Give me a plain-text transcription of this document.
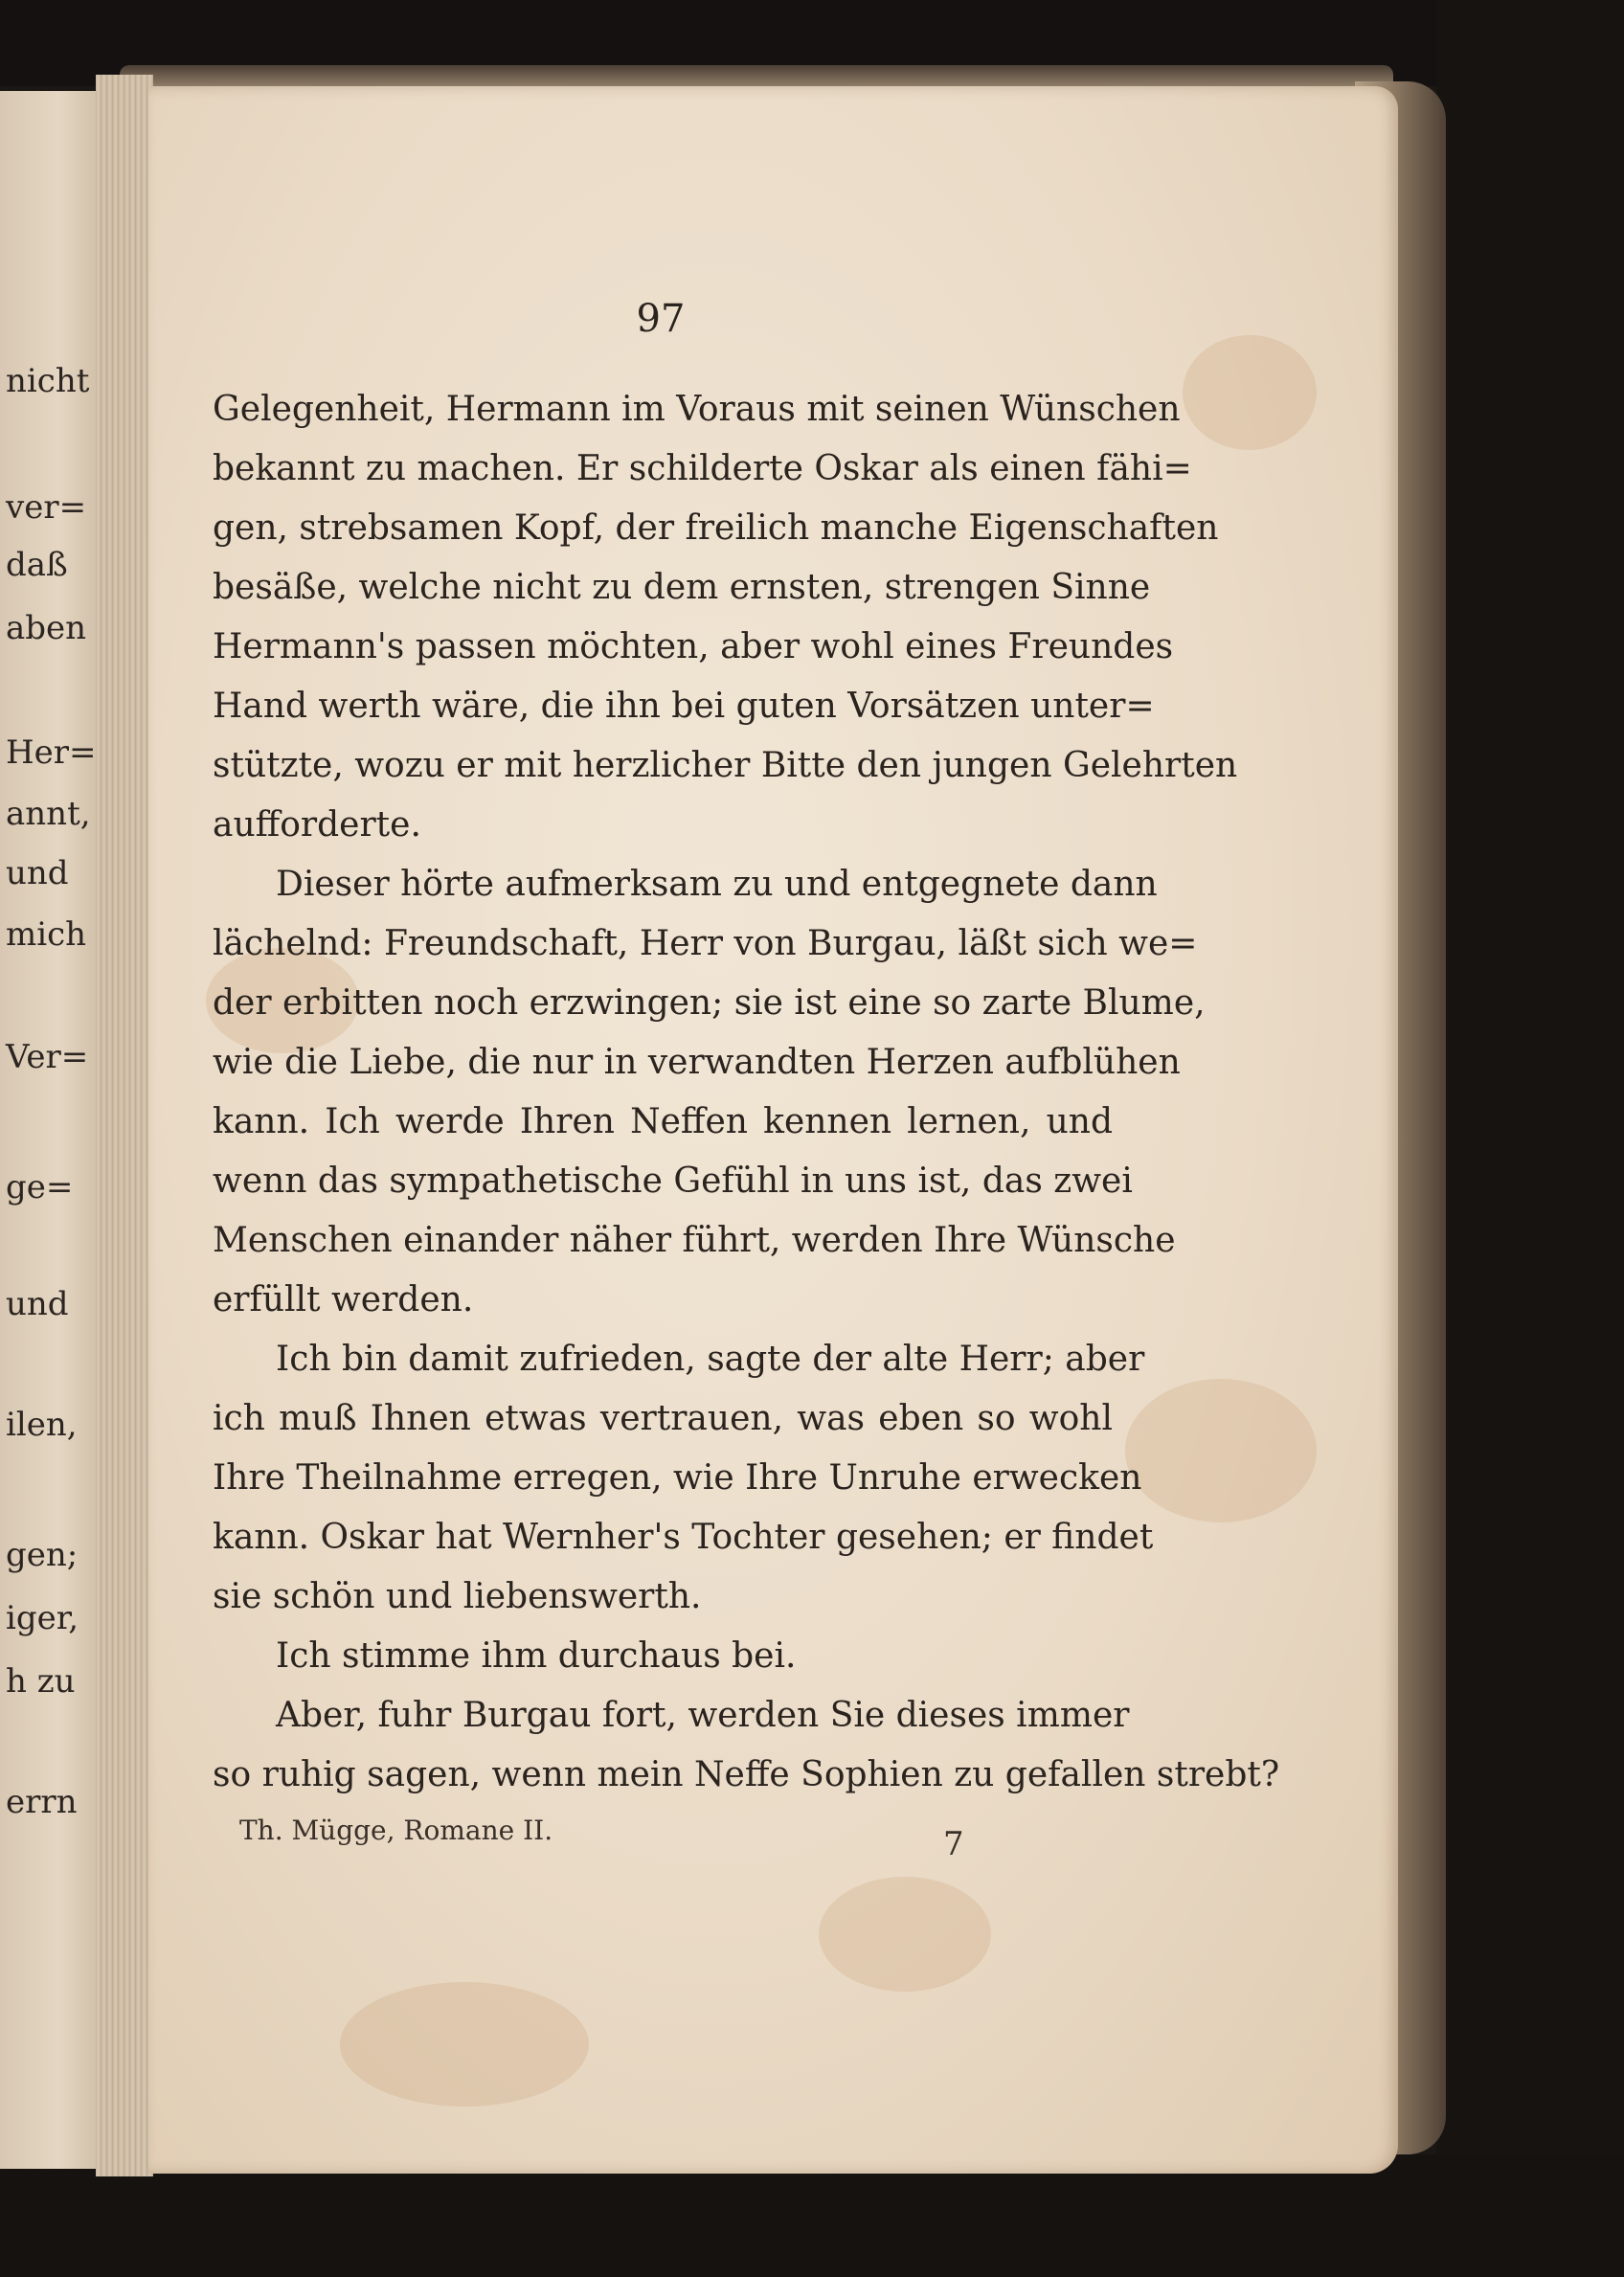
nicht
ver=
daß
aben
Her=
annt,
und
mich
Ver=
ge=
und
ilen,
gen;
iger,
h zu
errn
97
Gelegenheit, Hermann im Voraus mit seinen Wünschen
bekannt zu machen. Er schilderte Oskar als einen fähi=
gen, strebsamen Kopf, der freilich manche Eigenschaften
besäße, welche nicht zu dem ernsten, strengen Sinne
Hermann's passen möchten, aber wohl eines Freundes
Hand werth wäre, die ihn bei guten Vorsätzen unter=
stützte, wozu er mit herzlicher Bitte den jungen Gelehrten
aufforderte.
Dieser hörte aufmerksam zu und entgegnete dann
lächelnd: Freundschaft, Herr von Burgau, läßt sich we=
der erbitten noch erzwingen; sie ist eine so zarte Blume,
wie die Liebe, die nur in verwandten Herzen aufblühen
kann. Ich werde Ihren Neffen kennen lernen, und
wenn das sympathetische Gefühl in uns ist, das zwei
Menschen einander näher führt, werden Ihre Wünsche
erfüllt werden.
Ich bin damit zufrieden, sagte der alte Herr; aber
ich muß Ihnen etwas vertrauen, was eben so wohl
Ihre Theilnahme erregen, wie Ihre Unruhe erwecken
kann. Oskar hat Wernher's Tochter gesehen; er findet
sie schön und liebenswerth.
Ich stimme ihm durchaus bei.
Aber, fuhr Burgau fort, werden Sie dieses immer
so ruhig sagen, wenn mein Neffe Sophien zu gefallen strebt?
Th. Mügge, Romane II.	7
